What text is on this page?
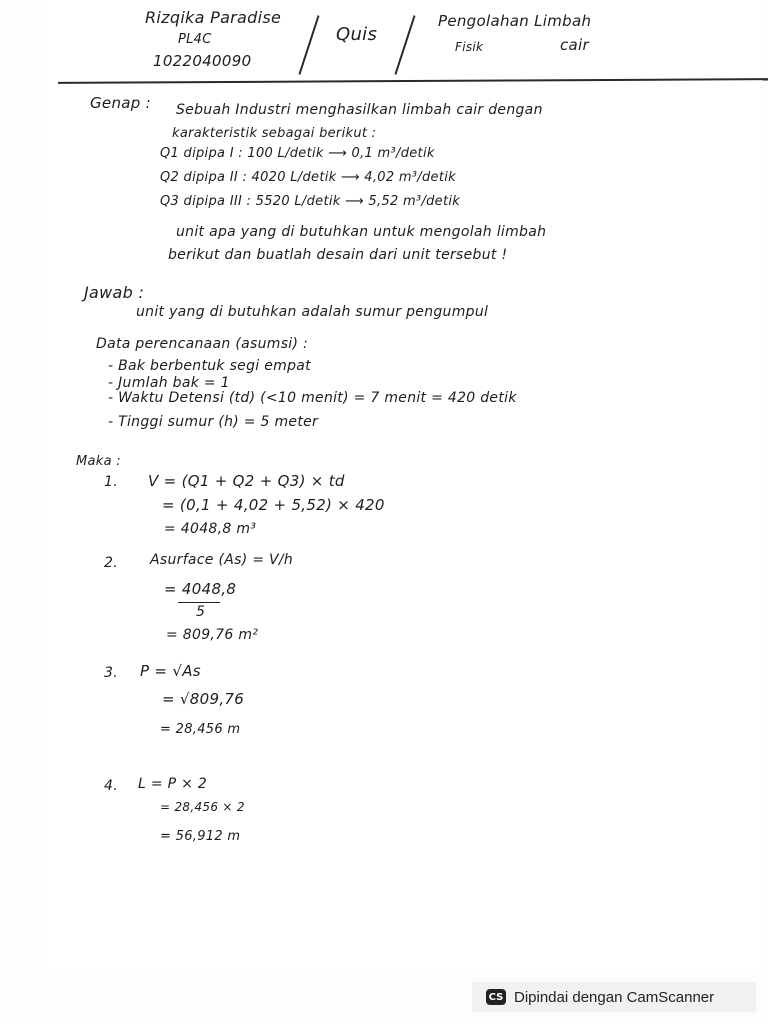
Rizqika Paradise
PL4C
1022040090
Quis
Pengolahan Limbah
Fisik	cair
Genap : Sebuah Industri menghasilkan limbah cair dengan
karakteristik sebagai berikut :
Q1 dipipa I : 100 L/detik ⟶ 0,1 m³/detik
Q2 dipipa II : 4020 L/detik ⟶ 4,02 m³/detik
Q3 dipipa III : 5520 L/detik ⟶ 5,52 m³/detik
unit apa yang di butuhkan untuk mengolah limbah
berikut dan buatlah desain dari unit tersebut !
Jawab :
unit yang di butuhkan adalah sumur pengumpul
Data perencanaan (asumsi) :
- Bak berbentuk segi empat
- Jumlah bak = 1
- Waktu Detensi (td) (<10 menit) = 7 menit = 420 detik
- Tinggi sumur (h) = 5 meter
Maka :
1. V = (Q1 + Q2 + Q3) × td
= (0,1 + 4,02 + 5,52) × 420
= 4048,8 m³
2. Asurface (As) = V/h
= 4048,8
5
= 809,76 m²
3. P = √As
= √809,76
= 28,456 m
4. L = P × 2
= 28,456 × 2
= 56,912 m
CS Dipindai dengan CamScanner
